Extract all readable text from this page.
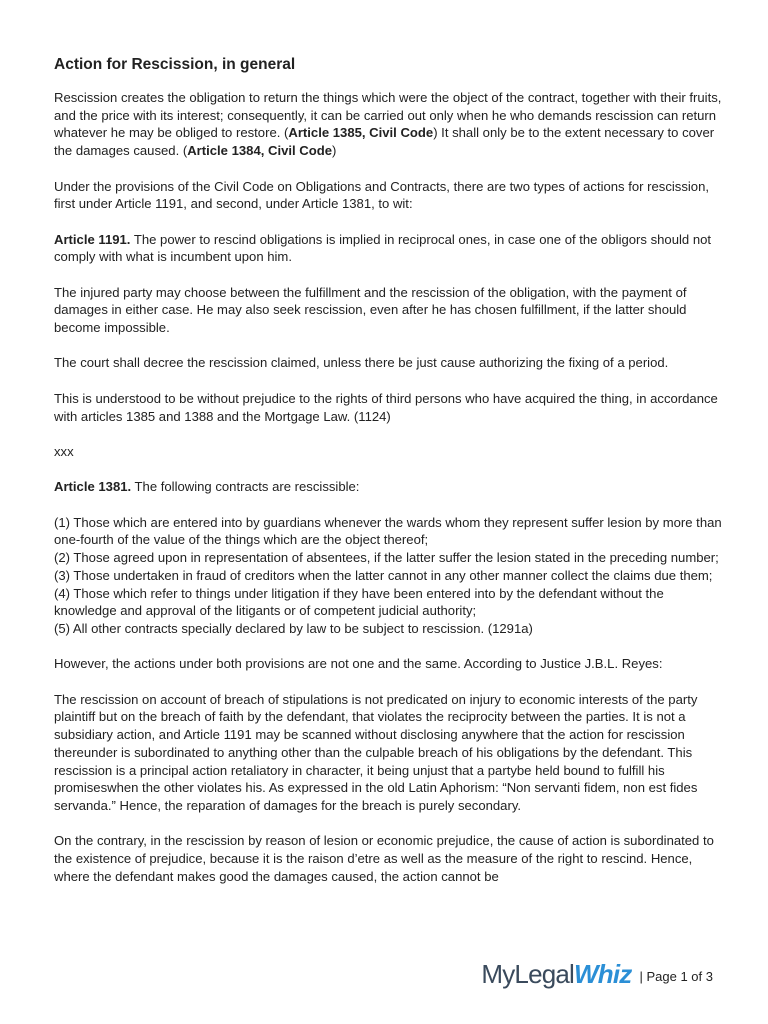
Action for Rescission, in general

Rescission creates the obligation to return the things which were the object of the contract, together with their fruits, and the price with its interest; consequently, it can be carried out only when he who demands rescission can return whatever he may be obliged to restore. (Article 1385, Civil Code) It shall only be to the extent necessary to cover the damages caused. (Article 1384, Civil Code)

Under the provisions of the Civil Code on Obligations and Contracts, there are two types of actions for rescission, first under Article 1191, and second, under Article 1381, to wit:

Article 1191. The power to rescind obligations is implied in reciprocal ones, in case one of the obligors should not comply with what is incumbent upon him.

The injured party may choose between the fulfillment and the rescission of the obligation, with the payment of damages in either case. He may also seek rescission, even after he has chosen fulfillment, if the latter should become impossible.

The court shall decree the rescission claimed, unless there be just cause authorizing the fixing of a period.

This is understood to be without prejudice to the rights of third persons who have acquired the thing, in accordance with articles 1385 and 1388 and the Mortgage Law. (1124)

xxx

Article 1381. The following contracts are rescissible:

(1) Those which are entered into by guardians whenever the wards whom they represent suffer lesion by more than one-fourth of the value of the things which are the object thereof;

(2) Those agreed upon in representation of absentees, if the latter suffer the lesion stated in the preceding number;

(3) Those undertaken in fraud of creditors when the latter cannot in any other manner collect the claims due them;

(4) Those which refer to things under litigation if they have been entered into by the defendant without the knowledge and approval of the litigants or of competent judicial authority;

(5) All other contracts specially declared by law to be subject to rescission. (1291a)

However, the actions under both provisions are not one and the same. According to Justice J.B.L. Reyes:

The rescission on account of breach of stipulations is not predicated on injury to economic interests of the party plaintiff but on the breach of faith by the defendant, that violates the reciprocity between the parties. It is not a subsidiary action, and Article 1191 may be scanned without disclosing anywhere that the action for rescission thereunder is subordinated to anything other than the culpable breach of his obligations by the defendant. This rescission is a principal action retaliatory in character, it being unjust that a partybe held bound to fulfill his promiseswhen the other violates his. As expressed in the old Latin Aphorism: “Non servanti fidem, non est fides servanda.” Hence, the reparation of damages for the breach is purely secondary.

On the contrary, in the rescission by reason of lesion or economic prejudice, the cause of action is subordinated to the existence of prejudice, because it is the raison d’etre as well as the measure of the right to rescind. Hence, where the defendant makes good the damages caused, the action cannot be

MyLegalWhiz | Page 1 of 3
